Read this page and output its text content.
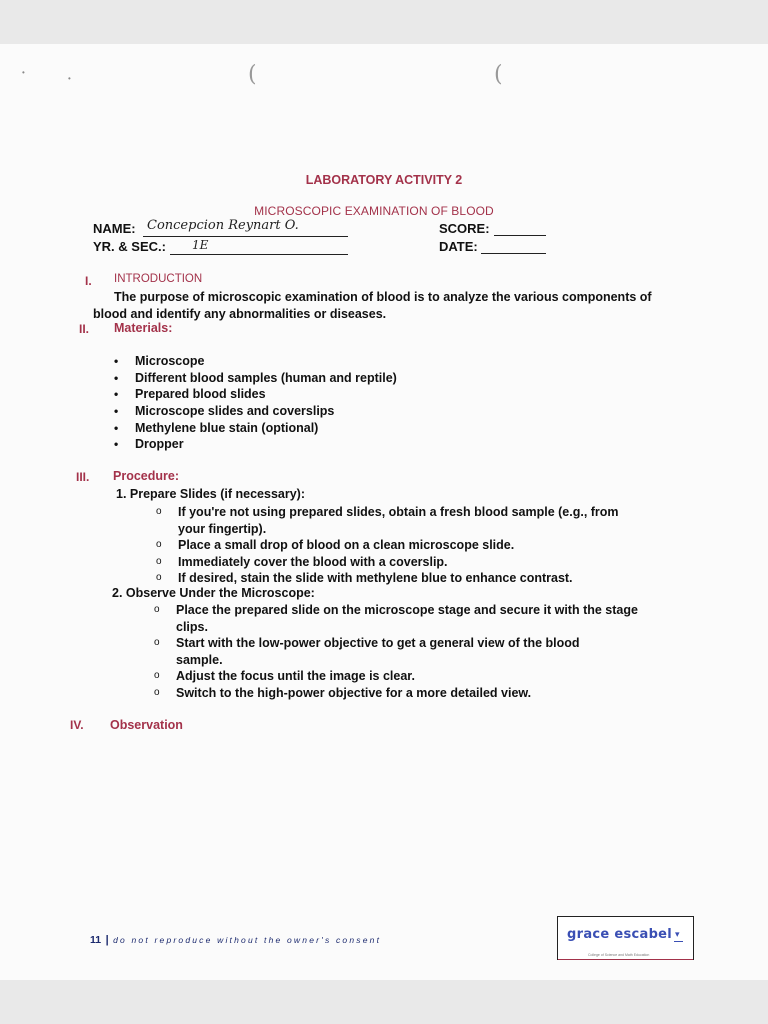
•
•	(	(
LABORATORY ACTIVITY 2
MICROSCOPIC EXAMINATION OF BLOOD
NAME: Concepcion Reynart O.
YR. & SEC.: 1E
SCORE:
DATE:
I.	INTRODUCTION
The purpose of microscopic examination of blood is to analyze the various components of blood and identify any abnormalities or diseases.
II.	Materials:
• Microscope
• Different blood samples (human and reptile)
• Prepared blood slides
• Microscope slides and coverslips
• Methylene blue stain (optional)
• Dropper
III.	Procedure:
1. Prepare Slides (if necessary):
o If you're not using prepared slides, obtain a fresh blood sample (e.g., from your fingertip).
o Place a small drop of blood on a clean microscope slide.
o Immediately cover the blood with a coverslip.
o If desired, stain the slide with methylene blue to enhance contrast.
2. Observe Under the Microscope:
o Place the prepared slide on the microscope stage and secure it with the stage clips.
o Start with the low-power objective to get a general view of the blood sample.
o Adjust the focus until the image is clear.
o Switch to the high-power objective for a more detailed view.
IV.	Observation
11 | do not reproduce without the owner's consent	grace escabel ▾
College of Science and Math Education
